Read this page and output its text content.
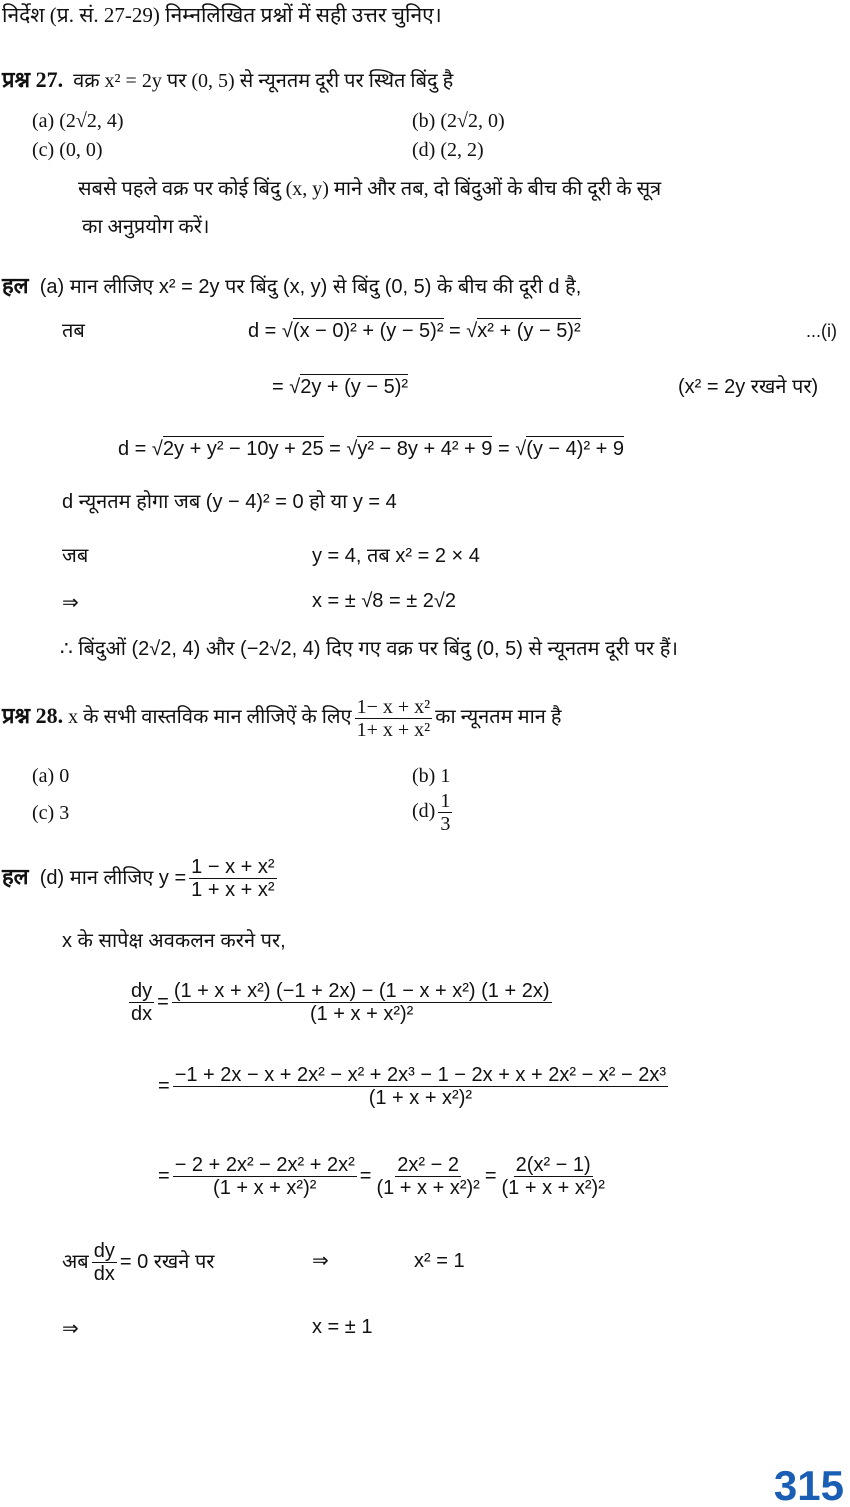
निर्देश (प्र. सं. 27-29) निम्नलिखित प्रश्नों में सही उत्तर चुनिए।
प्रश्न 27. वक्र x² = 2y पर (0, 5) से न्यूनतम दूरी पर स्थित बिंदु है
(a) (2√2, 4)	(b) (2√2, 0)
(c) (0, 0)	(d) (2, 2)
सबसे पहले वक्र पर कोई बिंदु (x, y) माने और तब, दो बिंदुओं के बीच की दूरी के सूत्र
का अनुप्रयोग करें।
हल (a) मान लीजिए x² = 2y पर बिंदु (x, y) से बिंदु (0, 5) के बीच की दूरी d है,
तब	d = √(x − 0)² + (y − 5)² = √x² + (y − 5)²	...(i)
= √2y + (y − 5)²	(x² = 2y रखने पर)
d = √2y + y² − 10y + 25 = √y² − 8y + 4² + 9 = √(y − 4)² + 9
d न्यूनतम होगा जब (y − 4)² = 0 हो या y = 4
जब	y = 4, तब x² = 2 × 4
⇒	x = ± √8 = ± 2√2
∴ बिंदुओं (2√2, 4) और (−2√2, 4) दिए गए वक्र पर बिंदु (0, 5) से न्यूनतम दूरी पर हैं।
प्रश्न 28. x के सभी वास्तविक मान लीजिऐं के लिए $\frac{\text{1− x + x²}}{\text{1+ x + x²}}$ का न्यूनतम मान है
(a) 0	(b) 1
(c) 3	$(d) \frac{1}{3}$
हल (d) मान लीजिए $y = \frac{\text{1 − x + x²}}{\text{1 + x + x²}}$
x के सापेक्ष अवकलन करने पर,
$\frac{dy}{dx} = \frac{\text{(1 + x + x²) (−1 + 2x) − (1 − x + x²) (1 + 2x)}}{\text{(1 + x + x²)²}}$
= $\frac{\text{−1 + 2x − x + 2x² − x² + 2x³ − 1 − 2x + x + 2x² − x² − 2x³}}{\text{(1 + x + x²)²}}$
= $\frac{\text{− 2 + 2x² − 2x² + 2x²}}{\text{(1 + x + x²)²}} = \frac{\text{2x² − 2}}{\text{(1 + x + x²)²}} = \frac{\text{2(x² − 1)}}{\text{(1 + x + x²)²}}$
अब $\frac{dy}{dx} = 0$ रखने पर	⇒	x² = 1
⇒	x = ± 1
315
